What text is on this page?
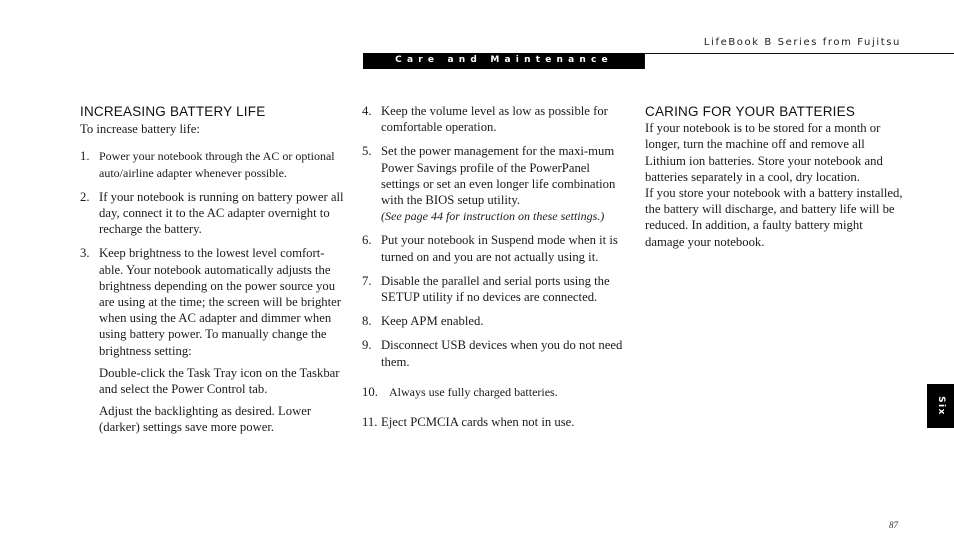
LifeBook B Series from Fujitsu
Care and Maintenance
INCREASING BATTERY LIFE

To increase battery life:

1. Power your notebook through the AC or optional auto/airline adapter whenever possible.

2. If your notebook is running on battery power all day, connect it to the AC adapter overnight to recharge the battery.

3. Keep brightness to the lowest level comfort-able. Your notebook automatically adjusts the brightness depending on the power source you are using at the time; the screen will be brighter when using the AC adapter and dimmer when using battery power. To manually change the brightness setting:

Double-click the Task Tray icon on the Taskbar and select the Power Control tab.

Adjust the backlighting as desired. Lower (darker) settings save more power.

4. Keep the volume level as low as possible for comfortable operation.

5. Set the power management for the maxi-mum Power Savings profile of the PowerPanel settings or set an even longer life combination with the BIOS setup utility.

(See page 44 for instruction on these settings.)

6. Put your notebook in Suspend mode when it is turned on and you are not actually using it.

7. Disable the parallel and serial ports using the SETUP utility if no devices are connected.

8. Keep APM enabled.

9. Disconnect USB devices when you do not need them.

10. Always use fully charged batteries.

11. Eject PCMCIA cards when not in use.

CARING FOR YOUR BATTERIES

If your notebook is to be stored for a month or longer, turn the machine off and remove all Lithium ion batteries. Store your notebook and batteries separately in a cool, dry location.

If you store your notebook with a battery installed, the battery will discharge, and battery life will be reduced. In addition, a faulty battery might damage your notebook.

Six
87
